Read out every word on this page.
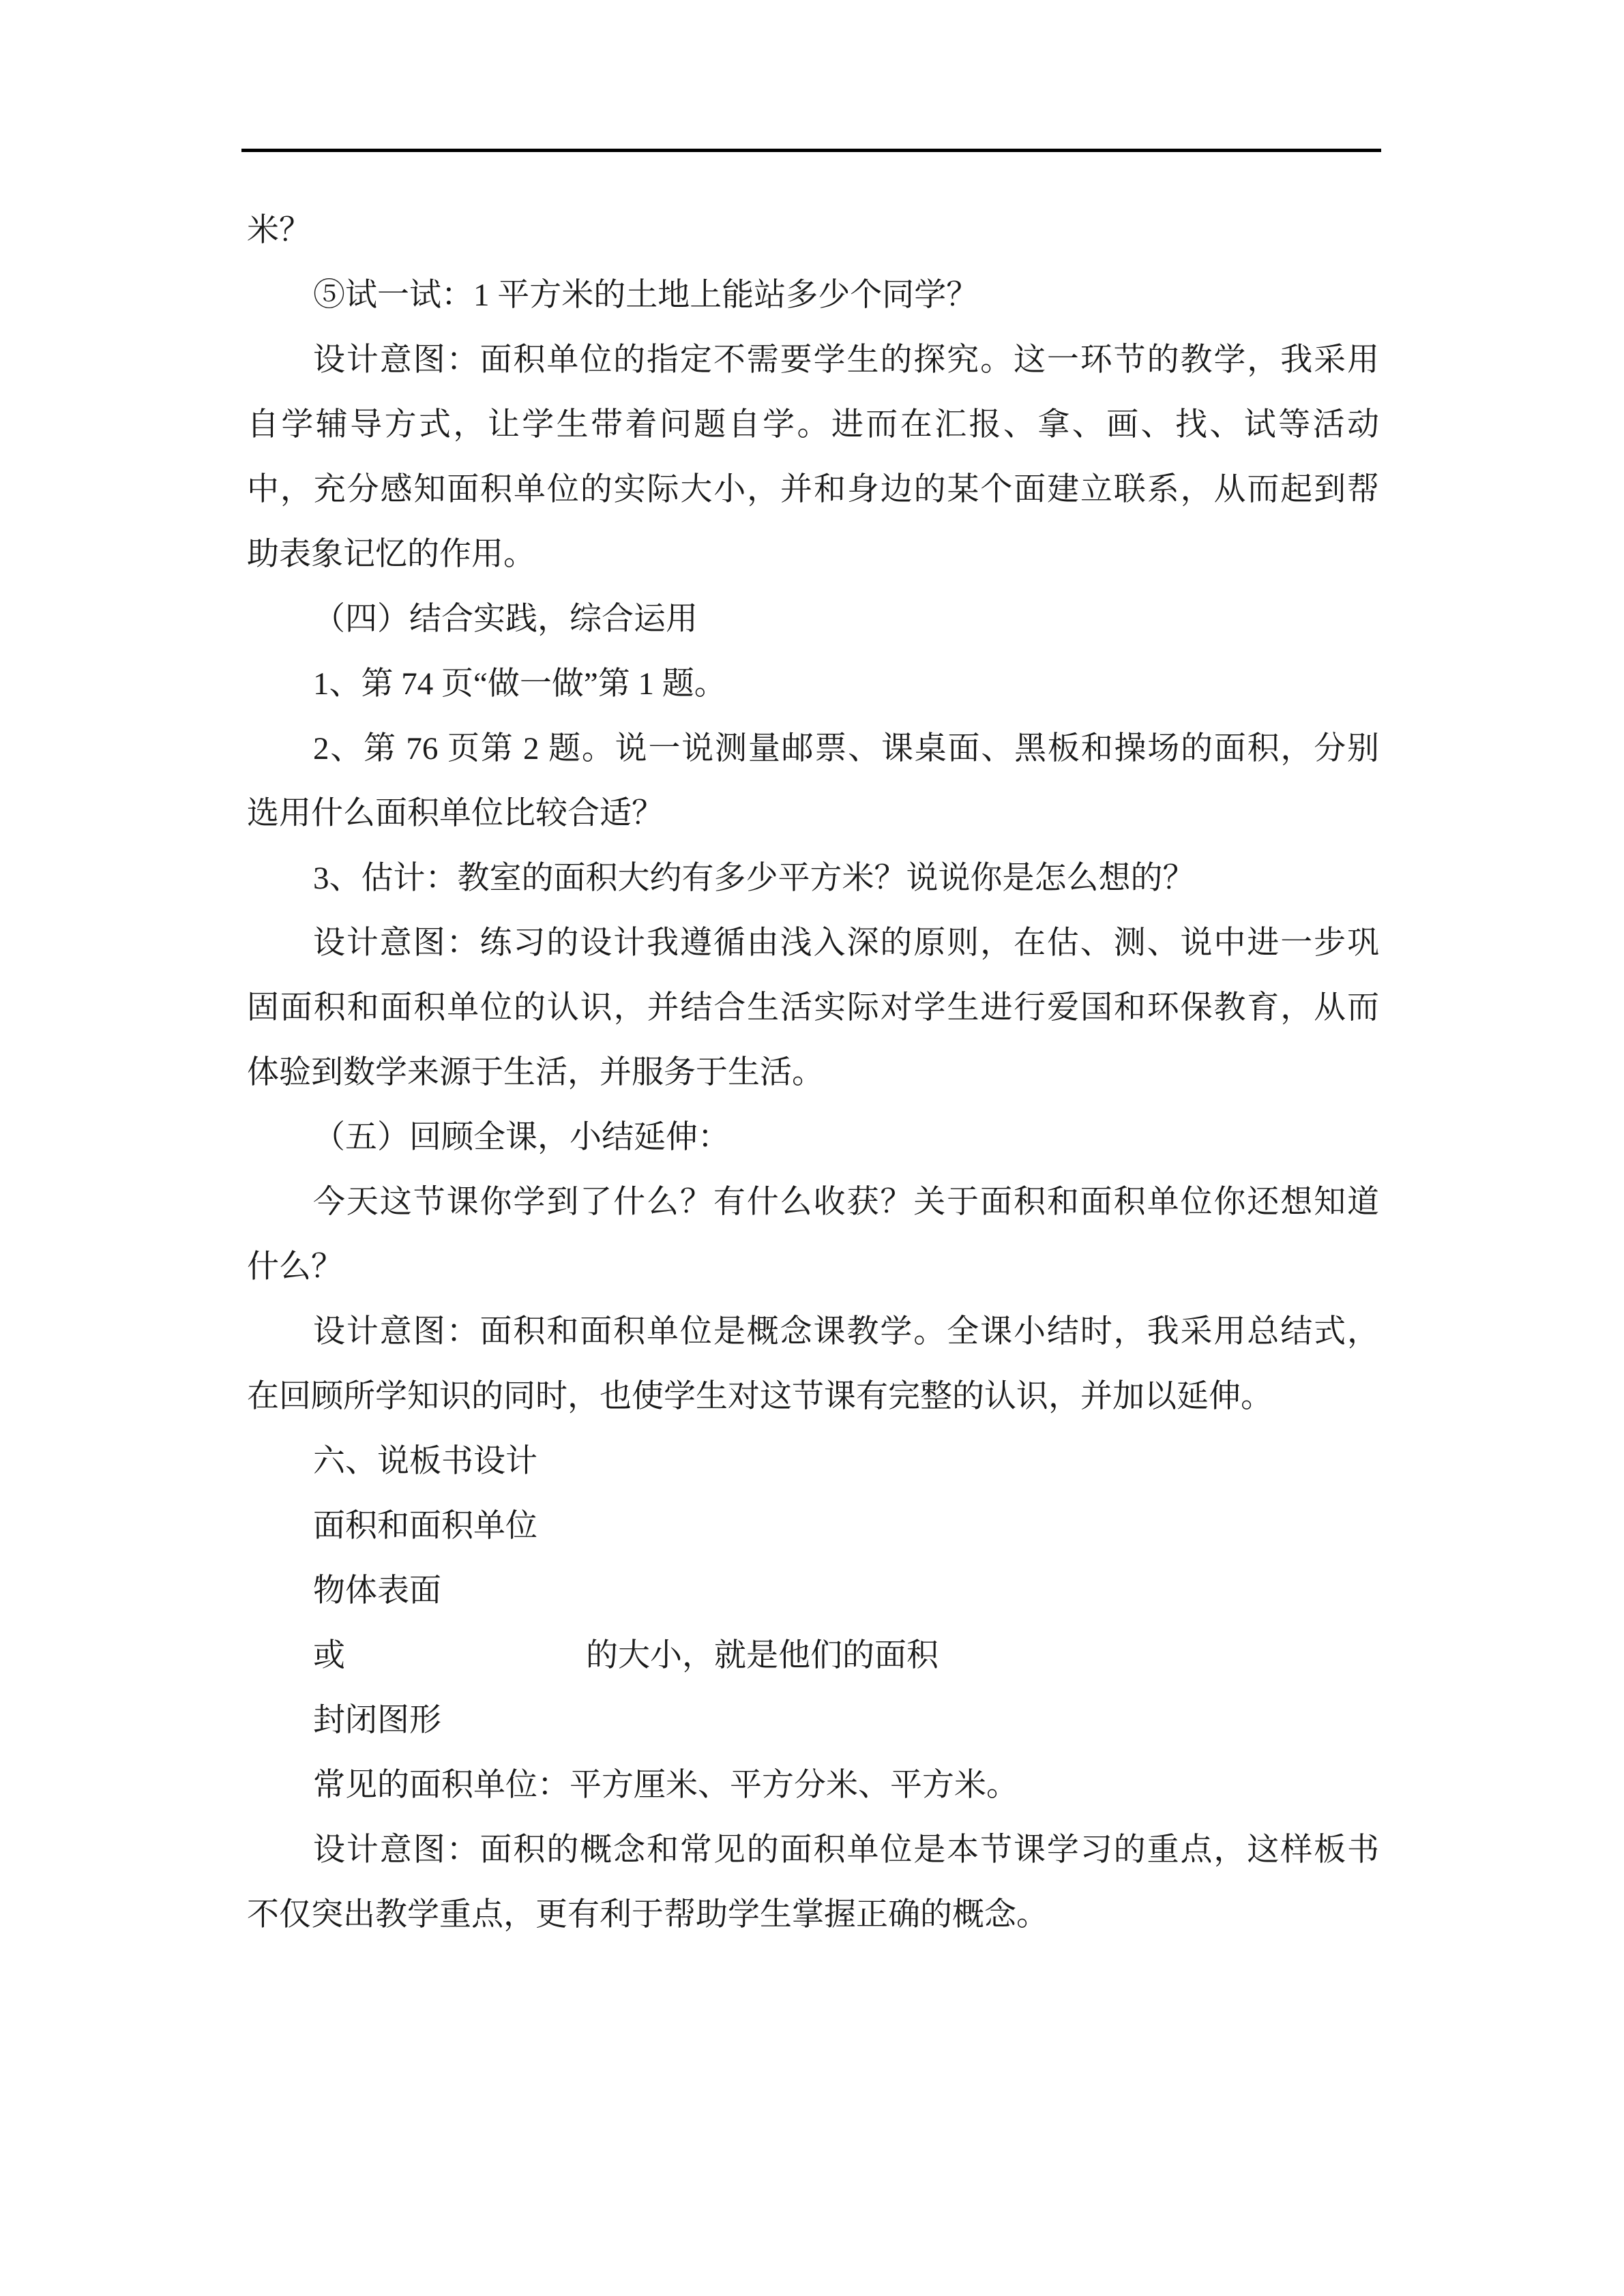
米？
⑤试一试：1 平方米的土地上能站多少个同学？
设计意图：面积单位的指定不需要学生的探究。这一环节的教学，我采用
自学辅导方式，让学生带着问题自学。进而在汇报、拿、画、找、试等活动
中，充分感知面积单位的实际大小，并和身边的某个面建立联系，从而起到帮
助表象记忆的作用。
（四）结合实践，综合运用
1、第 74 页“做一做”第 1 题。
2、第 76 页第 2 题。说一说测量邮票、课桌面、黑板和操场的面积，分别
选用什么面积单位比较合适？
3、估计：教室的面积大约有多少平方米？说说你是怎么想的？
设计意图：练习的设计我遵循由浅入深的原则，在估、测、说中进一步巩
固面积和面积单位的认识，并结合生活实际对学生进行爱国和环保教育，从而
体验到数学来源于生活，并服务于生活。
（五）回顾全课，小结延伸：
今天这节课你学到了什么？有什么收获？关于面积和面积单位你还想知道
什么？
设计意图：面积和面积单位是概念课教学。全课小结时，我采用总结式，
在回顾所学知识的同时，也使学生对这节课有完整的认识，并加以延伸。
六、说板书设计
面积和面积单位
物体表面
或	的大小，就是他们的面积
封闭图形
常见的面积单位：平方厘米、平方分米、平方米。
设计意图：面积的概念和常见的面积单位是本节课学习的重点，这样板书
不仅突出教学重点，更有利于帮助学生掌握正确的概念。
